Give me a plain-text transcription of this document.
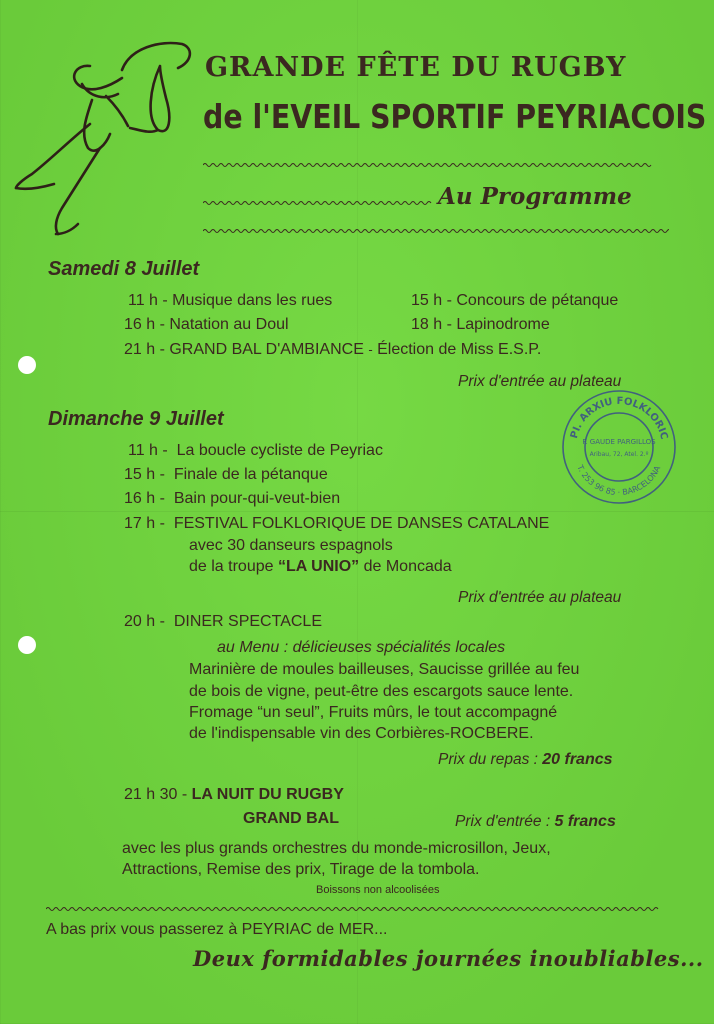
GRANDE FÊTE DU RUGBY
de l'EVEIL SPORTIF PEYRIACOIS
Au Programme
Samedi 8 Juillet
11 h - Musique dans les rues
16 h - Natation au Doul
15 h - Concours de pétanque
18 h - Lapinodrome
21 h - GRAND BAL D'AMBIANCE - Élection de Miss E.S.P.
Prix d'entrée au plateau
Dimanche 9 Juillet
11 h -  La boucle cycliste de Peyriac
15 h -  Finale de la pétanque
16 h -  Bain pour-qui-veut-bien
17 h -  FESTIVAL FOLKLORIQUE DE DANSES CATALANE
avec 30 danseurs espagnols
de la troupe “LA UNIO” de Moncada
Prix d'entrée au plateau
20 h -  DINER SPECTACLE
au Menu : délicieuses spécialités locales
Marinière de moules bailleuses, Saucisse grillée au feu
de bois de vigne, peut-être des escargots sauce lente.
Fromage “un seul”, Fruits mûrs, le tout accompagné
de l'indispensable vin des Corbières-ROCBERE.
Prix du repas : 20 francs
21 h 30 - LA NUIT DU RUGBY
GRAND BAL	Prix d'entrée : 5 francs
avec les plus grands orchestres du monde-microsillon, Jeux,
Attractions, Remise des prix, Tirage de la tombola.
Boissons non alcoolisées
PI. ARXIU FOLKLORIC
T. 253 96 85 · BARCELONA
F. GAUDE PARGILLOS
Aribau, 72, Atel. 2.º
A bas prix vous passerez à PEYRIAC de MER...
Deux formidables journées inoubliables...
